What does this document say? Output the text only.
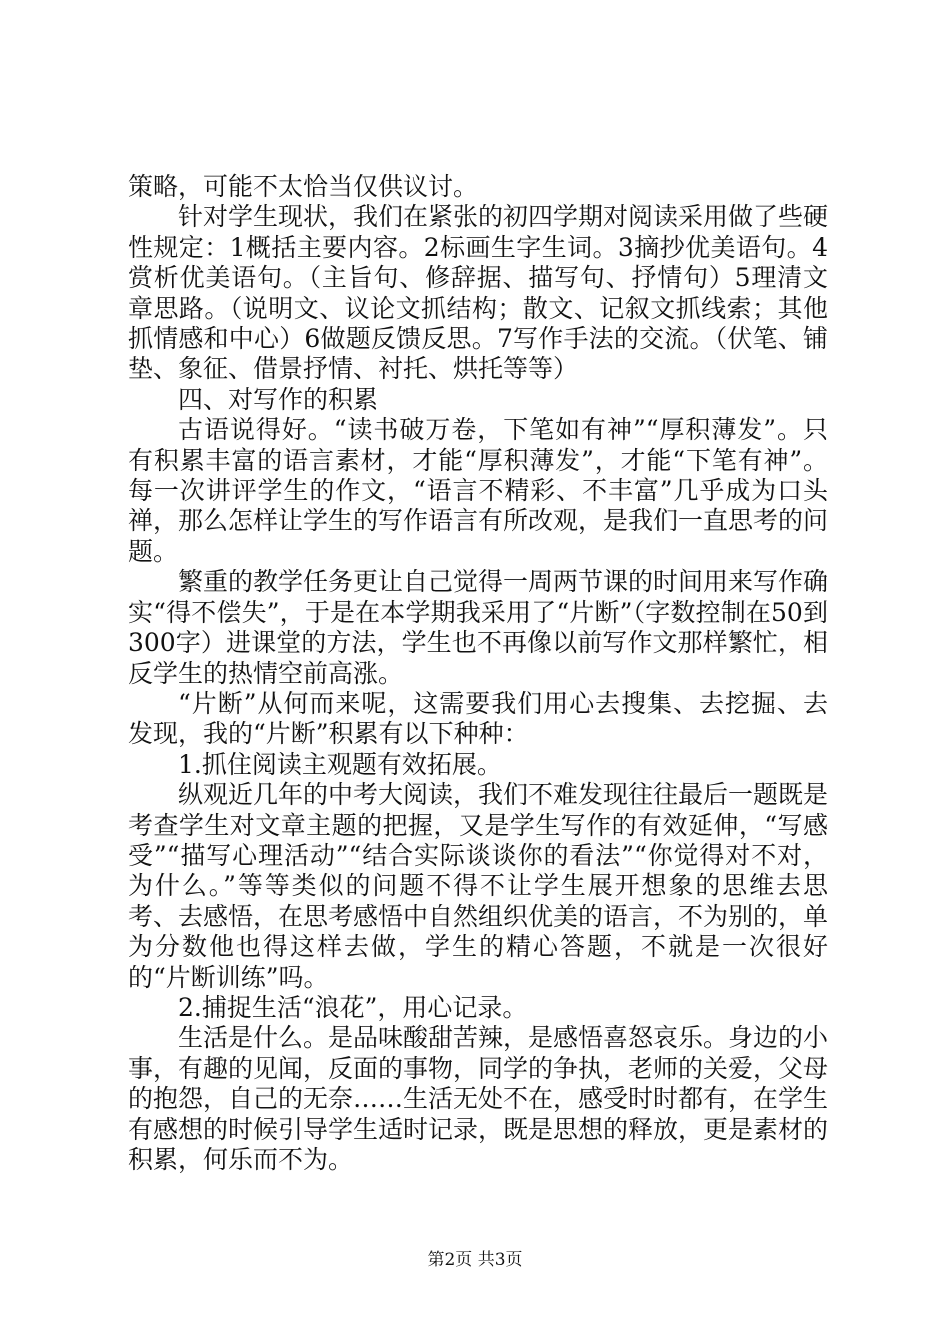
策略，可能不太恰当仅供议讨。

针对学生现状，我们在紧张的初四学期对阅读采用做了些硬性规定：1概括主要内容。2标画生字生词。3摘抄优美语句。4赏析优美语句。（主旨句、修辞据、描写句、抒情句）5理清文章思路。（说明文、议论文抓结构；散文、记叙文抓线索；其他抓情感和中心）6做题反馈反思。7写作手法的交流。（伏笔、铺垫、象征、借景抒情、衬托、烘托等等）

四、对写作的积累

古语说得好。“读书破万卷，下笔如有神”“厚积薄发”。只有积累丰富的语言素材，才能“厚积薄发”，才能“下笔有神”。每一次讲评学生的作文，“语言不精彩、不丰富”几乎成为口头禅，那么怎样让学生的写作语言有所改观，是我们一直思考的问题。

繁重的教学任务更让自己觉得一周两节课的时间用来写作确实“得不偿失”，于是在本学期我采用了“片断”（字数控制在50到300字）进课堂的方法，学生也不再像以前写作文那样繁忙，相反学生的热情空前高涨。

“片断”从何而来呢，这需要我们用心去搜集、去挖掘、去发现，我的“片断”积累有以下种种：

1.抓住阅读主观题有效拓展。

纵观近几年的中考大阅读，我们不难发现往往最后一题既是考查学生对文章主题的把握，又是学生写作的有效延伸，“写感受”“描写心理活动”“结合实际谈谈你的看法”“你觉得对不对，为什么。”等等类似的问题不得不让学生展开想象的思维去思考、去感悟，在思考感悟中自然组织优美的语言，不为别的，单为分数他也得这样去做，学生的精心答题，不就是一次很好的“片断训练”吗。

2.捕捉生活“浪花”，用心记录。

生活是什么。是品味酸甜苦辣，是感悟喜怒哀乐。身边的小事，有趣的见闻，反面的事物，同学的争执，老师的关爱，父母的抱怨，自己的无奈……生活无处不在，感受时时都有，在学生有感想的时候引导学生适时记录，既是思想的释放，更是素材的积累，何乐而不为。

第2页 共3页
